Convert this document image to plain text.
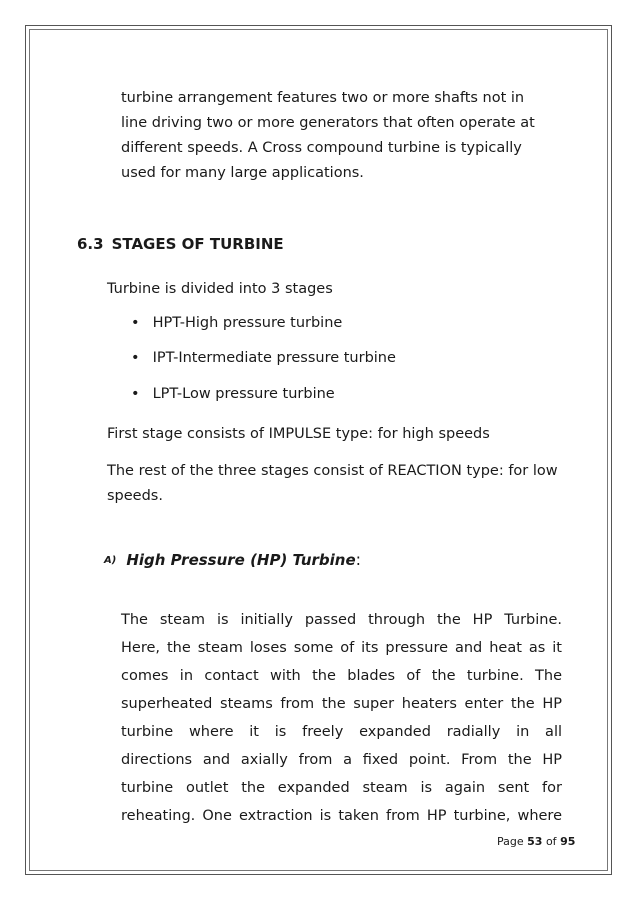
turbine arrangement features two or more shafts not in
line driving two or more generators that often operate at
different speeds. A Cross compound turbine is typically
used for many large applications.
6.3 STAGES OF TURBINE
Turbine is divided into 3 stages
• HPT-High pressure turbine
• IPT-Intermediate pressure turbine
• LPT-Low pressure turbine
First stage consists of IMPULSE type: for high speeds
The rest of the three stages consist of REACTION type: for low
speeds.
A) High Pressure (HP) Turbine:
The steam is initially passed through the HP Turbine.
Here, the steam loses some of its pressure and heat as it
comes in contact with the blades of the turbine. The
superheated steams from the super heaters enter the HP
turbine where it is freely expanded radially in all
directions and axially from a fixed point. From the HP
turbine outlet the expanded steam is again sent for
reheating. One extraction is taken from HP turbine, where
Page 53 of 95
